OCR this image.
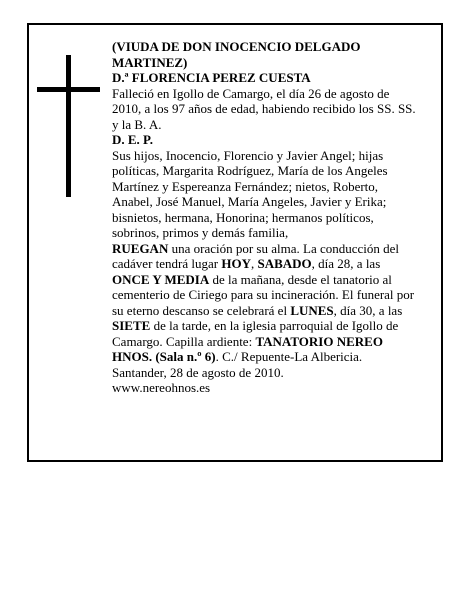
(VIUDA DE DON INOCENCIO DELGADO MARTINEZ)

D.ª FLORENCIA PEREZ CUESTA

Falleció en Igollo de Camargo, el día 26 de agosto de 2010, a los 97 años de edad, habiendo recibido los SS. SS. y la B. A.

D. E. P.

Sus hijos, Inocencio, Florencio y Javier Angel; hijas políticas, Margarita Rodríguez, María de los Angeles Martínez y Espereanza Fernández; nietos, Roberto, Anabel, José Manuel, María Angeles, Javier y Erika; bisnietos, hermana, Honorina; hermanos políticos, sobrinos, primos y demás familia,

RUEGAN una oración por su alma. La conducción del cadáver tendrá lugar HOY, SABADO, día 28, a las ONCE Y MEDIA de la mañana, desde el tanatorio al cementerio de Ciriego para su incineración. El funeral por su eterno descanso se celebrará el LUNES, día 30, a las SIETE de la tarde, en la iglesia parroquial de Igollo de Camargo. Capilla ardiente: TANATORIO NEREO HNOS. (Sala n.º 6). C./ Repuente-La Albericia.

Santander, 28 de agosto de 2010.

www.nereohnos.es
